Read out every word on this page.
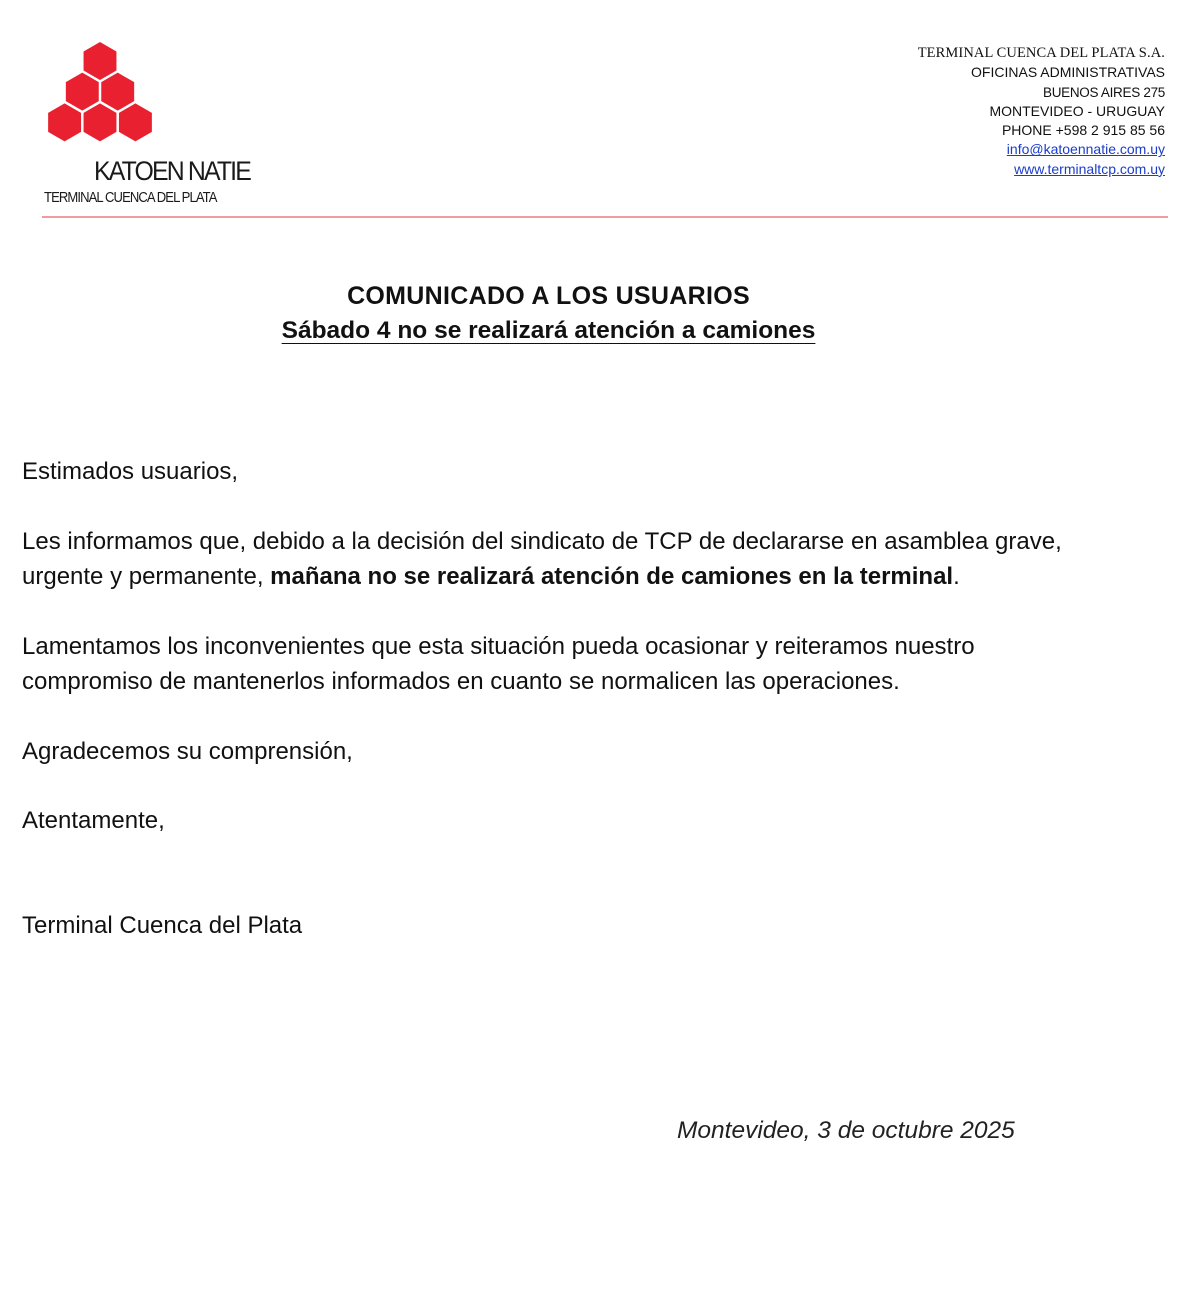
KATOEN NATIE
TERMINAL CUENCA DEL PLATA
TERMINAL CUENCA DEL PLATA S.A.
OFICINAS ADMINISTRATIVAS
BUENOS AIRES 275
MONTEVIDEO - URUGUAY
PHONE +598 2 915 85 56
info@katoennatie.com.uy
www.terminaltcp.com.uy
COMUNICADO A LOS USUARIOS
Sábado 4 no se realizará atención a camiones

Estimados usuarios,

Les informamos que, debido a la decisión del sindicato de TCP de declararse en asamblea grave, urgente y permanente, mañana no se realizará atención de camiones en la terminal.

Lamentamos los inconvenientes que esta situación pueda ocasionar y reiteramos nuestro compromiso de mantenerlos informados en cuanto se normalicen las operaciones.

Agradecemos su comprensión,

Atentamente,

Terminal Cuenca del Plata

Montevideo, 3 de octubre 2025
